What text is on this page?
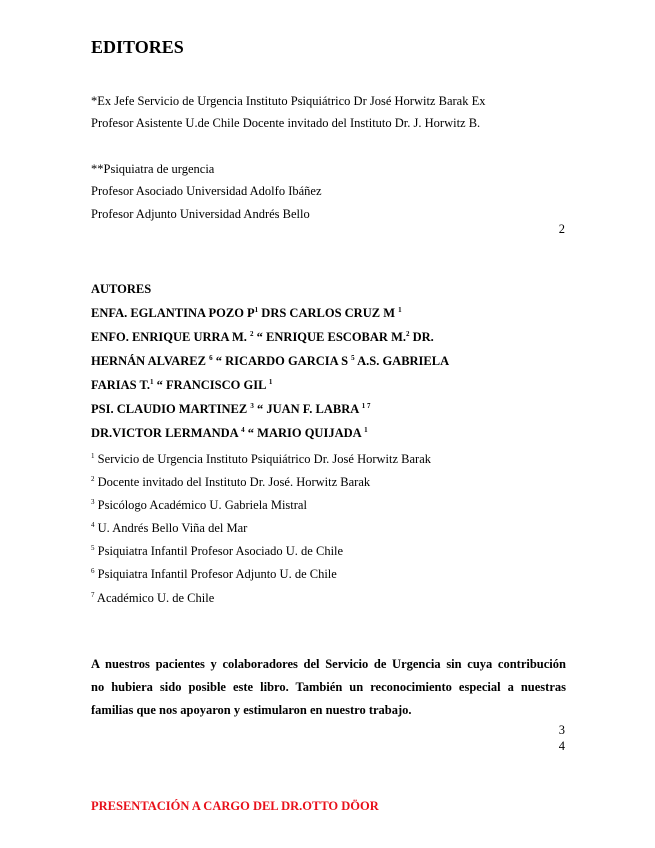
EDITORES
*Ex Jefe Servicio de Urgencia Instituto Psiquiátrico Dr José Horwitz Barak Ex
Profesor Asistente U.de Chile Docente invitado del Instituto Dr. J. Horwitz B.
**Psiquiatra de urgencia
Profesor Asociado Universidad Adolfo Ibáñez
Profesor Adjunto Universidad Andrés Bello
2
AUTORES
ENFA. EGLANTINA POZO $P^1$ DRS CARLOS CRUZ M $^1$
ENFO. ENRIQUE URRA M. $^2$ “ ENRIQUE ESCOBAR M.$^2$ DR.
HERNÁN ALVAREZ $^6$ “ RICARDO GARCIA S $^5$ A.S. GABRIELA
FARIAS T.$^1$ “ FRANCISCO GIL $^1$
PSI. CLAUDIO MARTINEZ $^3$ “ JUAN F. LABRA $^{1 7}$
DR.VICTOR LERMANDA $^4$ “ MARIO QUIJADA $^1$
$^1$ Servicio de Urgencia Instituto Psiquiátrico Dr. José Horwitz Barak
$^2$ Docente invitado del Instituto Dr. José. Horwitz Barak
$^3$ Psicólogo Académico U. Gabriela Mistral
$^4$ U. Andrés Bello Viña del Mar
$^5$ Psiquiatra Infantil Profesor Asociado U. de Chile
$^6$ Psiquiatra Infantil Profesor Adjunto U. de Chile
$^7$ Académico U. de Chile
A nuestros pacientes y colaboradores del Servicio de Urgencia sin cuya contribución
no hubiera sido posible este libro. También un reconocimiento especial a nuestras
familias que nos apoyaron y estimularon en nuestro trabajo.
3
4
PRESENTACIÓN A CARGO DEL DR.OTTO DÖOR
